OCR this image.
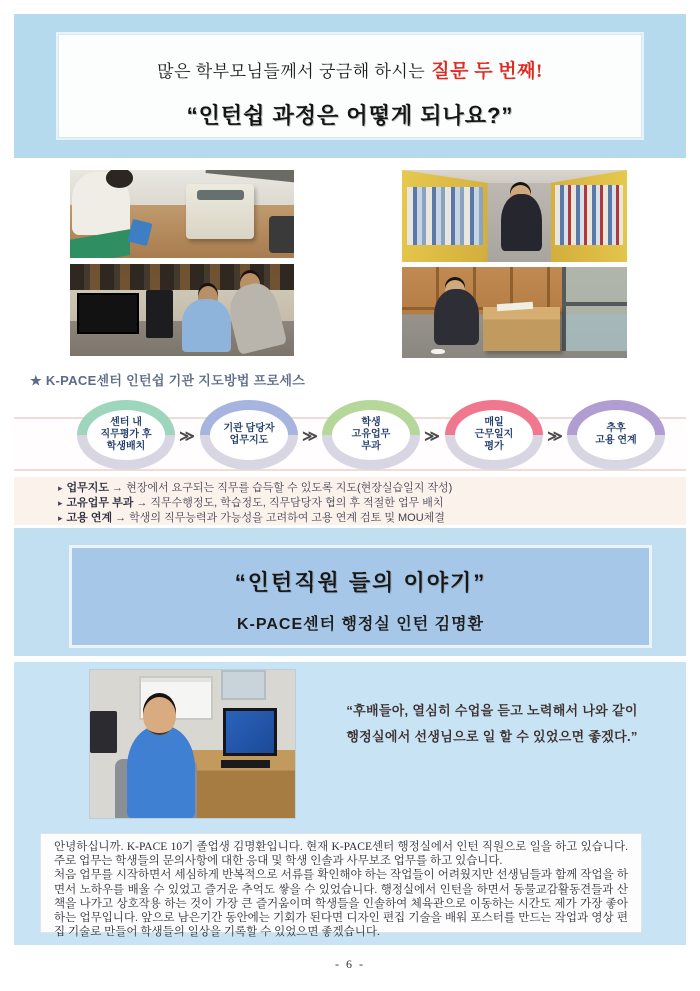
많은 학부모님들께서 궁금해 하시는 질문 두 번째!
“인턴쉽 과정은 어떻게 되나요?”
★ K-PACE센터 인턴쉽 기관 지도방법 프로세스
센터 내
직무평가 후
학생배치
≫	기관 담당자
업무지도	≫
학생
고유업무
부과
≫
매일
근무일지
평가
≫	추후
고용 연계
▸ 업무지도 → 현장에서 요구되는 직무를 습득할 수 있도록 지도(현장실습일지 작성)
▸ 고유업무 부과 → 직무수행정도, 학습정도, 직무담당자 협의 후 적절한 업무 배치
▸ 고용 연계 → 학생의 직무능력과 가능성을 고려하여 고용 연계 검토 및 MOU체결
“인턴직원 들의 이야기”
K-PACE센터 행정실 인턴 김명환
“후배들아, 열심히 수업을 듣고 노력해서 나와 같이
행정실에서 선생님으로 일 할 수 있었으면 좋겠다.”

안녕하십니까. K-PACE 10기 졸업생 김명환입니다. 현재 K-PACE센터 행정실에서 인턴 직원으로 일을 하고 있습니다. 주로 업무는 학생들의 문의사항에 대한 응대 및 학생 인솔과 사무보조 업무를 하고 있습니다.

처음 업무를 시작하면서 세심하게 반복적으로 서류를 확인해야 하는 작업들이 어려웠지만 선생님들과 함께 작업을 하면서 노하우를 배울 수 있었고 즐거운 추억도 쌓을 수 있었습니다. 행정실에서 인턴을 하면서 동물교감활동견들과 산책을 나가고 상호작용 하는 것이 가장 큰 즐거움이며 학생들을 인솔하여 체육관으로 이동하는 시간도 제가 가장 좋아하는 업무입니다. 앞으로 남은기간 동안에는 기회가 된다면 디자인 편집 기술을 배워 포스터를 만드는 작업과 영상 편집 기술로 만들어 학생들의 일상을 기록할 수 있었으면 좋겠습니다.

- 6 -
